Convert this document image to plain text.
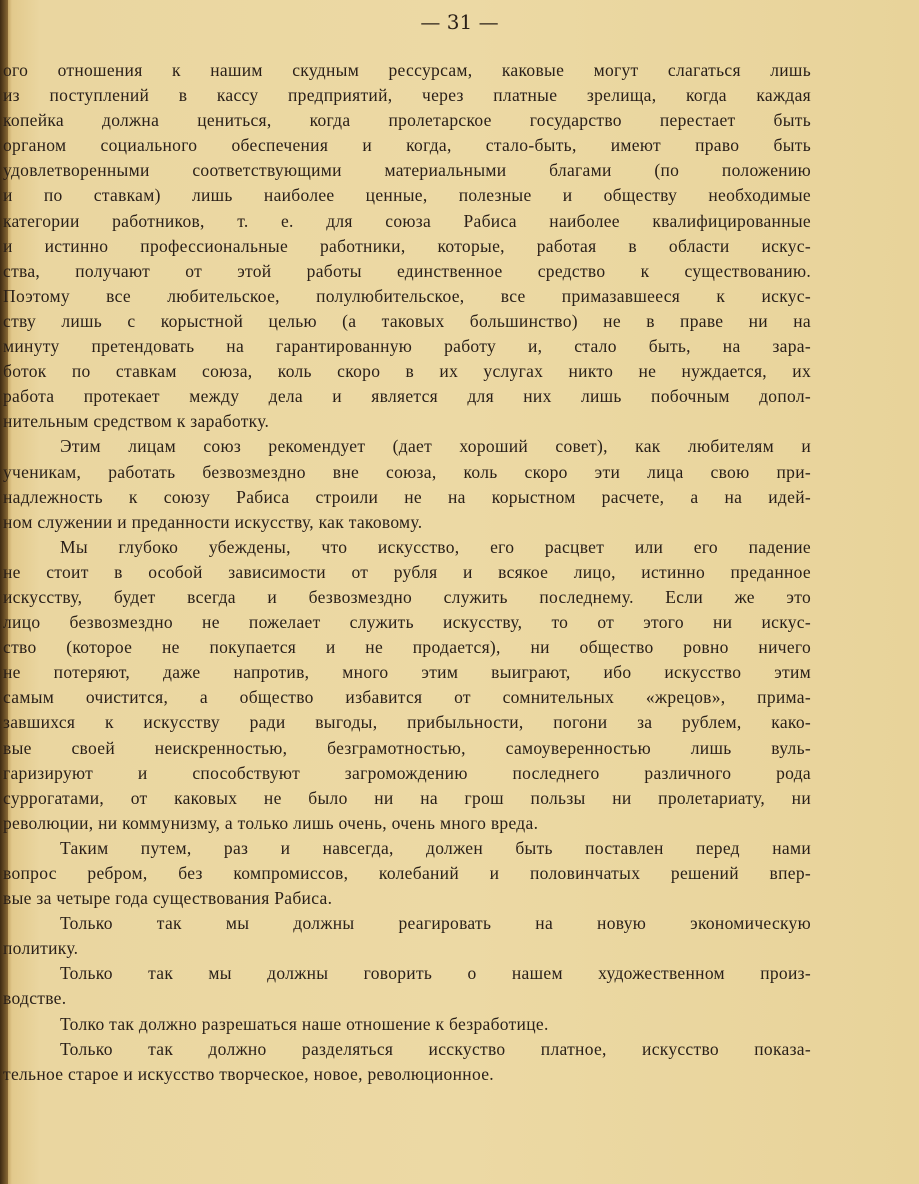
— 31 —

ого отношения к нашим скудным рессурсам, каковые могут слагаться лишь
из поступлений в кассу предприятий, через платные зрелища, когда каждая
копейка должна цениться, когда пролетарское государство перестает быть
органом социального обеспечения и когда, стало-быть, имеют право быть
удовлетворенными соответствующими материальными благами (по положению
и по ставкам) лишь наиболее ценные, полезные и обществу необходимые
категории работников, т. е. для союза Рабиса наиболее квалифицированные
и истинно профессиональные работники, которые, работая в области искус-
ства, получают от этой работы единственное средство к существованию.
Поэтому все любительское, полулюбительское, все примазавшееся к искус-
ству лишь с корыстной целью (а таковых большинство) не в праве ни на
минуту претендовать на гарантированную работу и, стало быть, на зара-
боток по ставкам союза, коль скоро в их услугах никто не нуждается, их
работа протекает между дела и является для них лишь побочным допол-
нительным средством к заработку.

Этим лицам союз рекомендует (дает хороший совет), как любителям и
ученикам, работать безвозмездно вне союза, коль скоро эти лица свою при-
надлежность к союзу Рабиса строили не на корыстном расчете, а на идей-
ном служении и преданности искусству, как таковому.

Мы глубоко убеждены, что искусство, его расцвет или его падение
не стоит в особой зависимости от рубля и всякое лицо, истинно преданное
искусству, будет всегда и безвозмездно служить последнему. Если же это
лицо безвозмездно не пожелает служить искусству, то от этого ни искус-
ство (которое не покупается и не продается), ни общество ровно ничего
не потеряют, даже напротив, много этим выиграют, ибо искусство этим
самым очистится, а общество избавится от сомнительных «жрецов», прима-
завшихся к искусству ради выгоды, прибыльности, погони за рублем, како-
вые своей неискренностью, безграмотностью, самоуверенностью лишь вуль-
гаризируют и способствуют загромождению последнего различного рода
суррогатами, от каковых не было ни на грош пользы ни пролетариату, ни
революции, ни коммунизму, а только лишь очень, очень много вреда.

Таким путем, раз и навсегда, должен быть поставлен перед нами
вопрос ребром, без компромиссов, колебаний и половинчатых решений впер-
вые за четыре года существования Рабиса.

Только так мы должны реагировать на новую экономическую
политику.

Только так мы должны говорить о нашем художественном произ-
водстве.

Толко так должно разрешаться наше отношение к безработице.

Только так должно разделяться исскуство платное, искусство показа-
тельное старое и искусство творческое, новое, революционное.
